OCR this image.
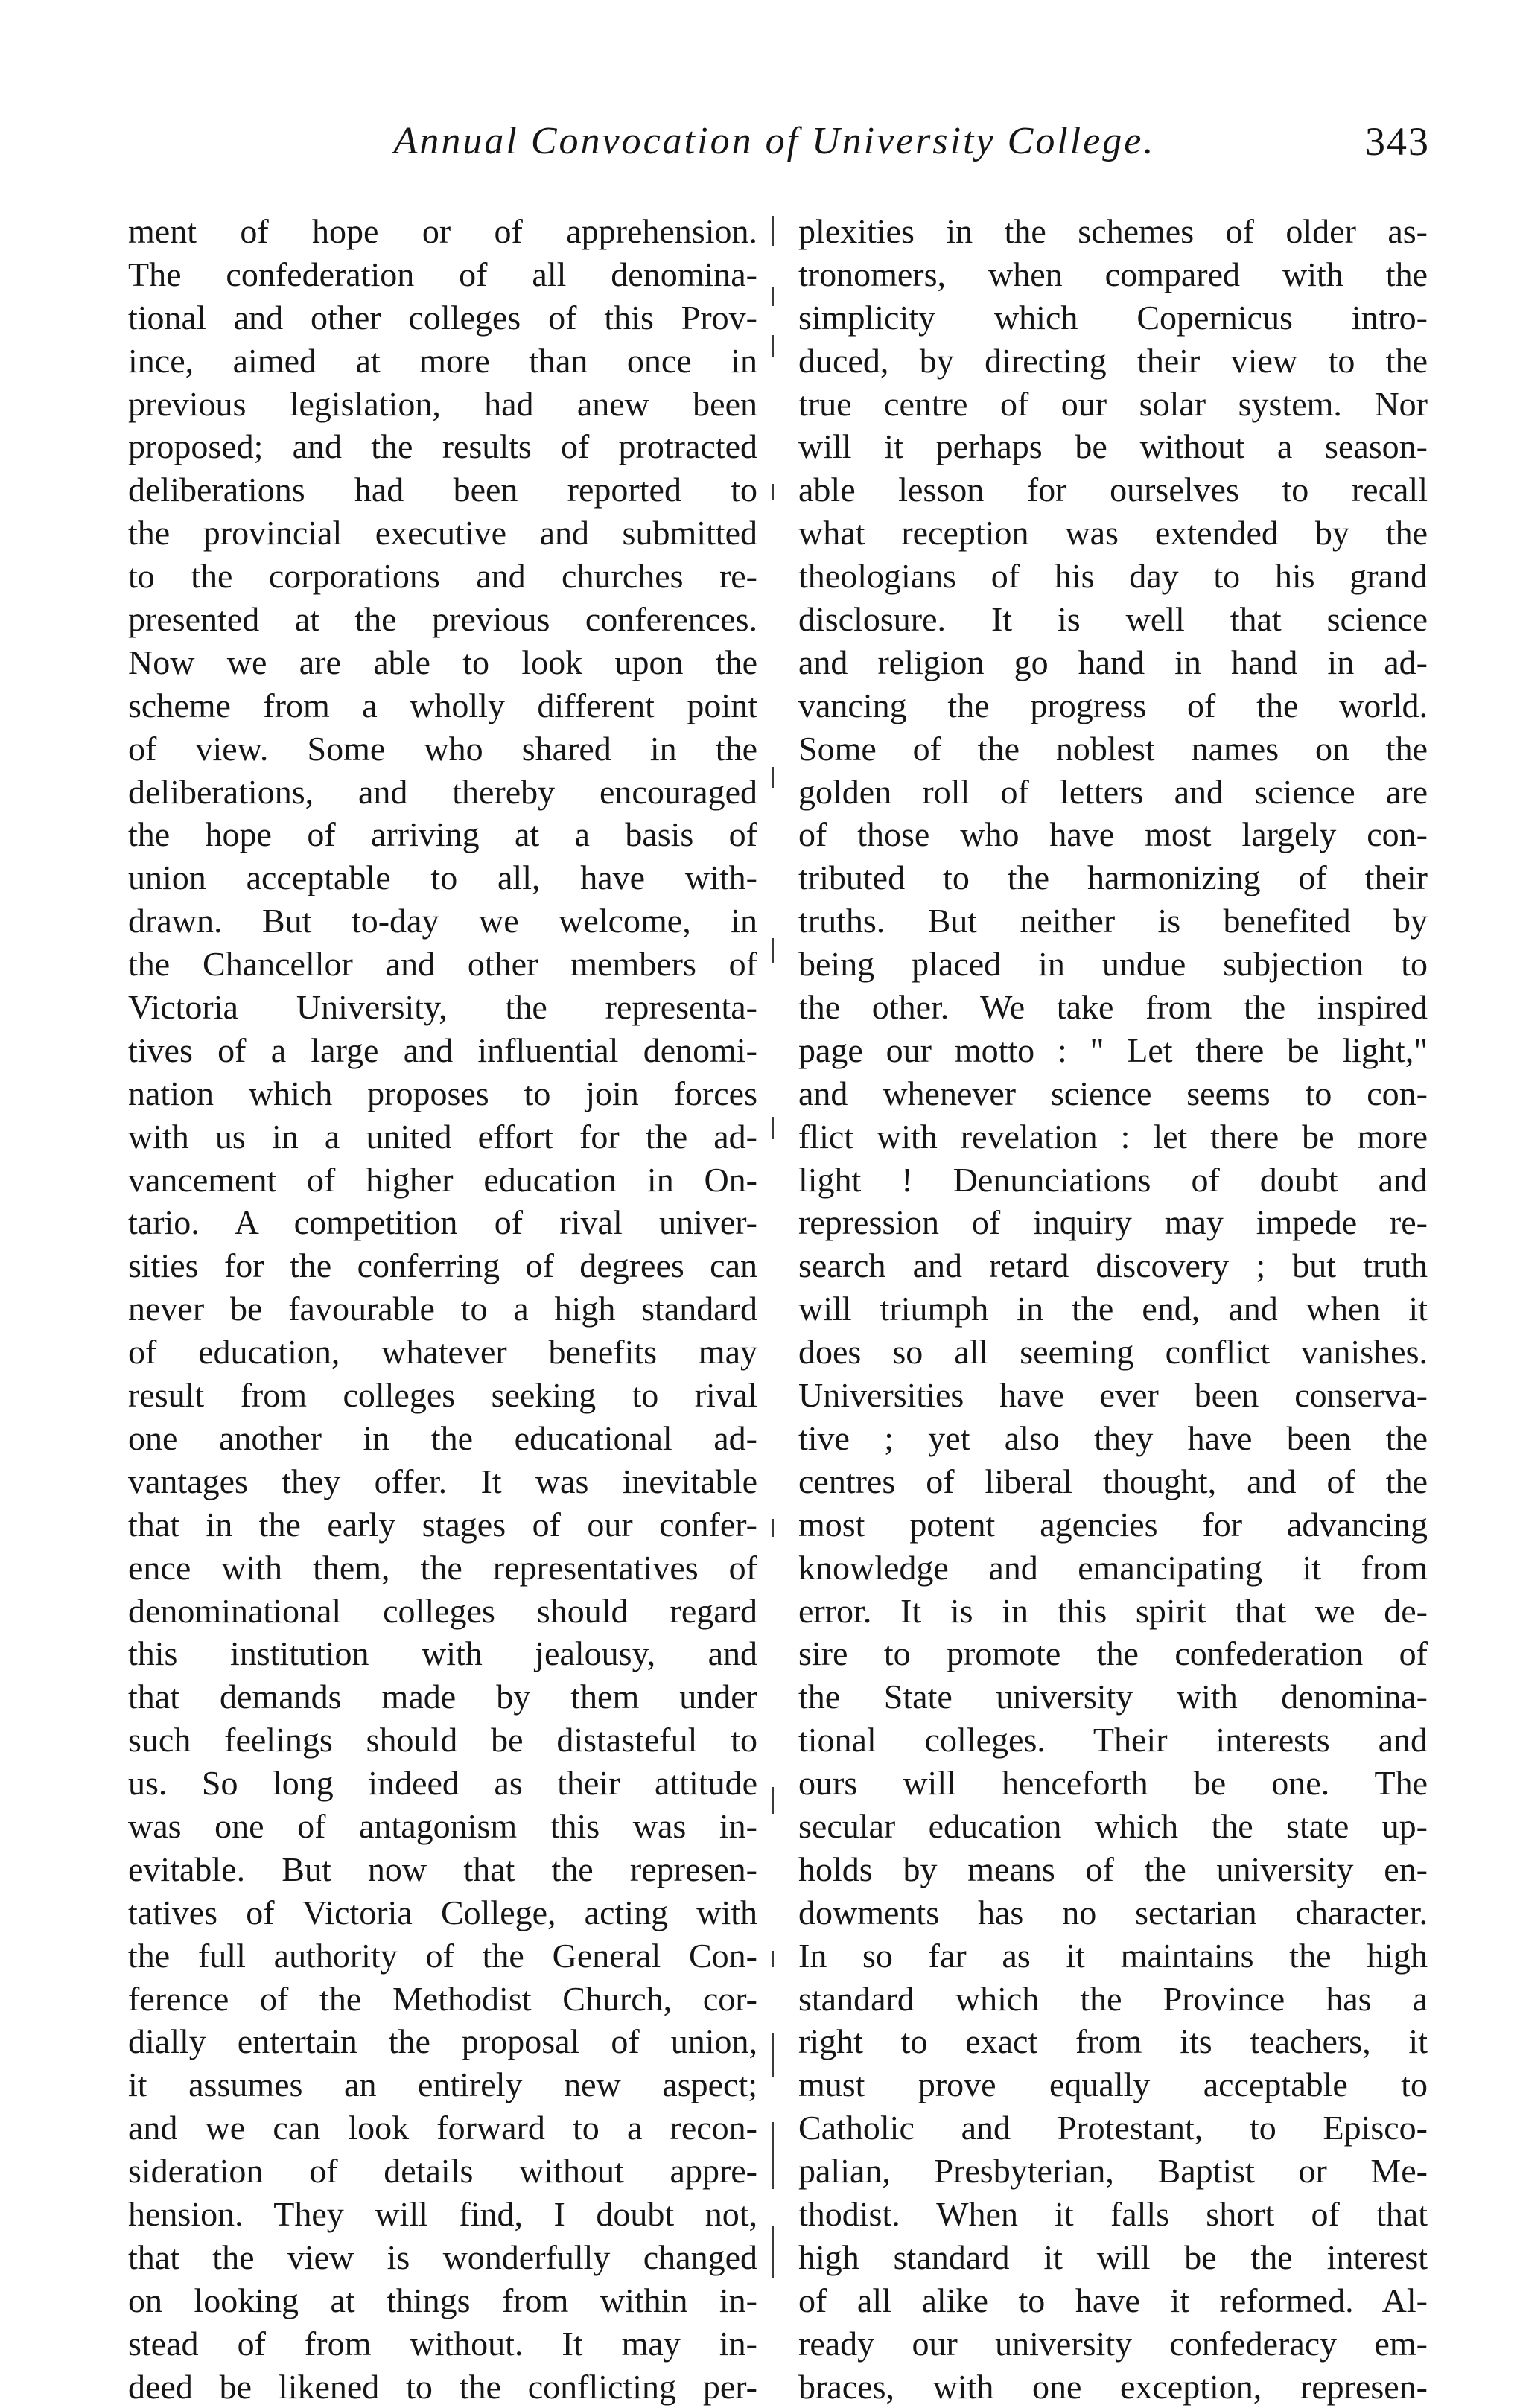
Annual Convocation of University College.	343
ment of hope or of apprehension.
The confederation of all denomina-
tional and other colleges of this Prov-
ince, aimed at more than once in
previous legislation, had anew been
proposed; and the results of protracted
deliberations had been reported to
the provincial executive and submitted
to the corporations and churches re-
presented at the previous conferences.
Now we are able to look upon the
scheme from a wholly different point
of view. Some who shared in the
deliberations, and thereby encouraged
the hope of arriving at a basis of
union acceptable to all, have with-
drawn. But to-day we welcome, in
the Chancellor and other members of
Victoria University, the representa-
tives of a large and influential denomi-
nation which proposes to join forces
with us in a united effort for the ad-
vancement of higher education in On-
tario. A competition of rival univer-
sities for the conferring of degrees can
never be favourable to a high standard
of education, whatever benefits may
result from colleges seeking to rival
one another in the educational ad-
vantages they offer. It was inevitable
that in the early stages of our confer-
ence with them, the representatives of
denominational colleges should regard
this institution with jealousy, and
that demands made by them under
such feelings should be distasteful to
us. So long indeed as their attitude
was one of antagonism this was in-
evitable. But now that the represen-
tatives of Victoria College, acting with
the full authority of the General Con-
ference of the Methodist Church, cor-
dially entertain the proposal of union,
it assumes an entirely new aspect;
and we can look forward to a recon-
sideration of details without appre-
hension. They will find, I doubt not,
that the view is wonderfully changed
on looking at things from within in-
stead of from without. It may in-
deed be likened to the conflicting per-
plexities in the schemes of older as-
tronomers, when compared with the
simplicity which Copernicus intro-
duced, by directing their view to the
true centre of our solar system. Nor
will it perhaps be without a season-
able lesson for ourselves to recall
what reception was extended by the
theologians of his day to his grand
disclosure. It is well that science
and religion go hand in hand in ad-
vancing the progress of the world.
Some of the noblest names on the
golden roll of letters and science are
of those who have most largely con-
tributed to the harmonizing of their
truths. But neither is benefited by
being placed in undue subjection to
the other. We take from the inspired
page our motto : " Let there be light,"
and whenever science seems to con-
flict with revelation : let there be more
light ! Denunciations of doubt and
repression of inquiry may impede re-
search and retard discovery ; but truth
will triumph in the end, and when it
does so all seeming conflict vanishes.
Universities have ever been conserva-
tive ; yet also they have been the
centres of liberal thought, and of the
most potent agencies for advancing
knowledge and emancipating it from
error. It is in this spirit that we de-
sire to promote the confederation of
the State university with denomina-
tional colleges. Their interests and
ours will henceforth be one. The
secular education which the state up-
holds by means of the university en-
dowments has no sectarian character.
In so far as it maintains the high
standard which the Province has a
right to exact from its teachers, it
must prove equally acceptable to
Catholic and Protestant, to Episco-
palian, Presbyterian, Baptist or Me-
thodist. When it falls short of that
high standard it will be the interest
of all alike to have it reformed. Al-
ready our university confederacy em-
braces, with one exception, represen-
